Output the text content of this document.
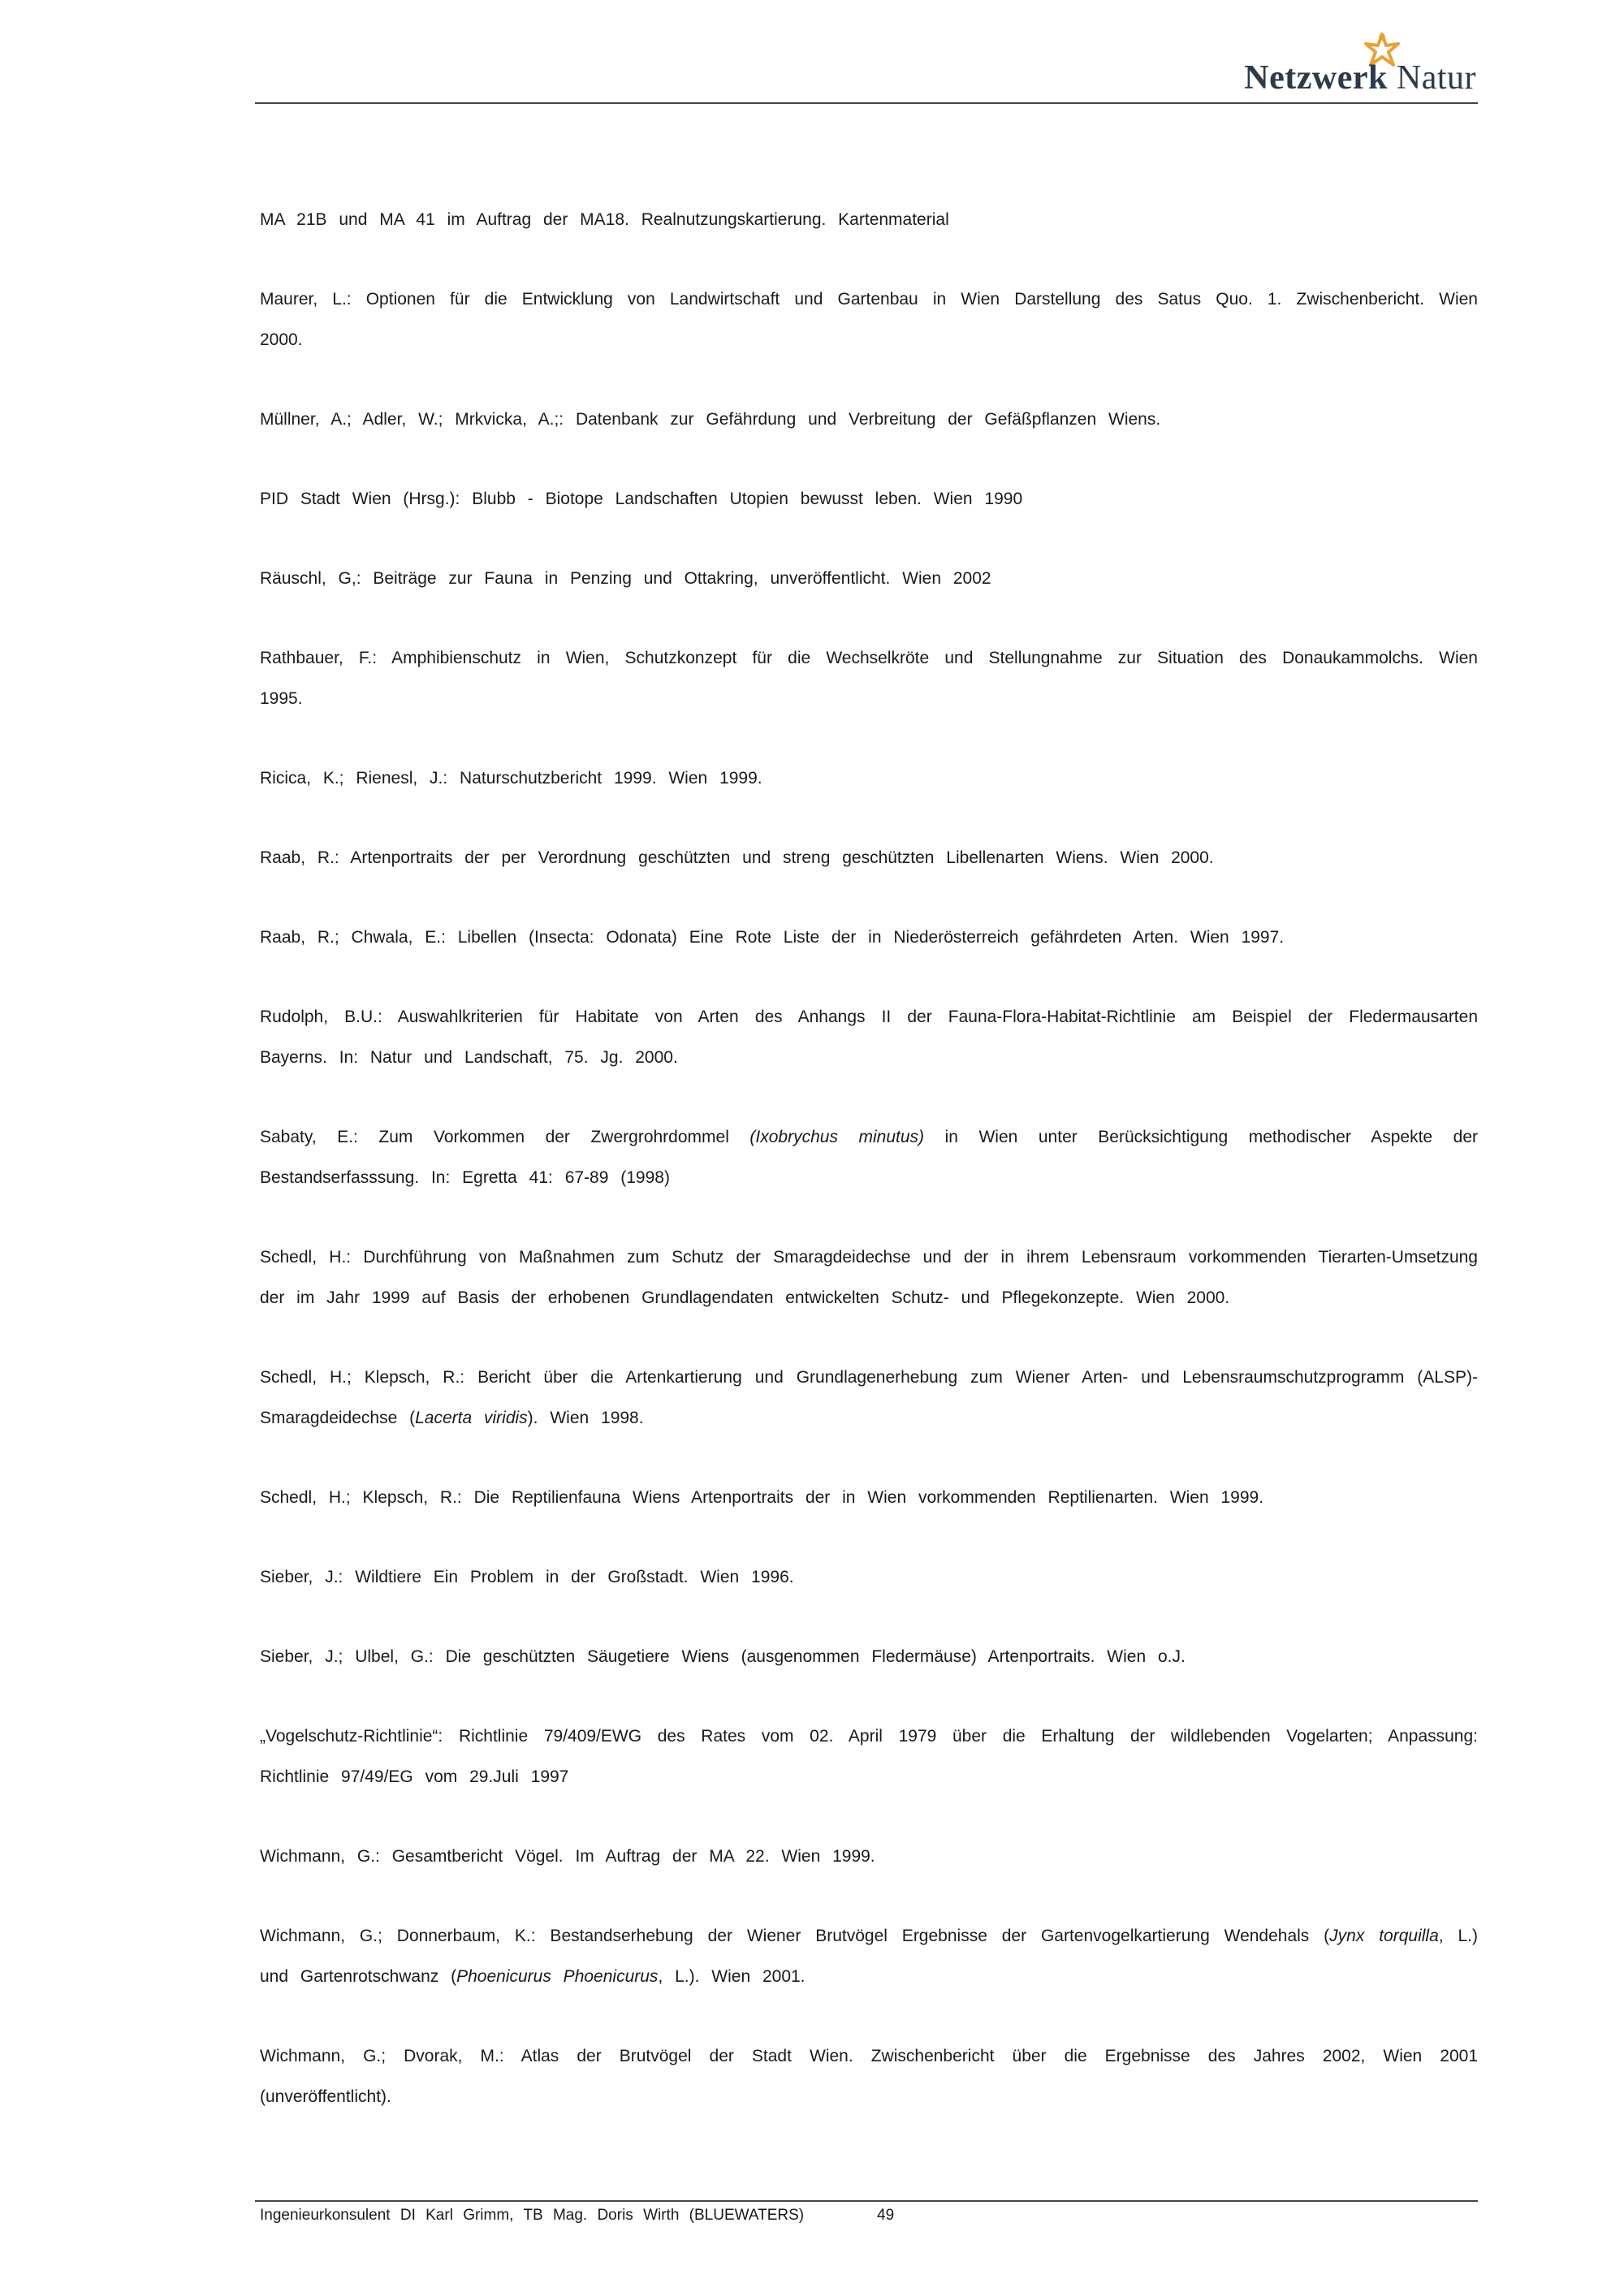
Netzwerk Natur

MA 21B und MA 41 im Auftrag der MA18. Realnutzungskartierung. Kartenmaterial

Maurer, L.: Optionen für die Entwicklung von Landwirtschaft und Gartenbau in Wien Darstellung des Satus Quo. 1. Zwischenbericht. Wien 2000.

Müllner, A.; Adler, W.; Mrkvicka, A.;: Datenbank zur Gefährdung und Verbreitung der Gefäßpflanzen Wiens.

PID Stadt Wien (Hrsg.): Blubb - Biotope Landschaften Utopien bewusst leben. Wien 1990

Räuschl, G,: Beiträge zur Fauna in Penzing und Ottakring, unveröffentlicht. Wien 2002

Rathbauer, F.: Amphibienschutz in Wien, Schutzkonzept für die Wechselkröte und Stellungnahme zur Situation des Donaukammolchs. Wien 1995.

Ricica, K.; Rienesl, J.: Naturschutzbericht 1999. Wien 1999.

Raab, R.: Artenportraits der per Verordnung geschützten und streng geschützten Libellenarten Wiens. Wien 2000.

Raab, R.; Chwala, E.: Libellen (Insecta: Odonata) Eine Rote Liste der in Niederösterreich gefährdeten Arten. Wien 1997.

Rudolph, B.U.: Auswahlkriterien für Habitate von Arten des Anhangs II der Fauna-Flora-Habitat-Richtlinie am Beispiel der Fledermausarten Bayerns. In: Natur und Landschaft, 75. Jg. 2000.

Sabaty, E.: Zum Vorkommen der Zwergrohrdommel (Ixobrychus minutus) in Wien unter Berücksichtigung methodischer Aspekte der Bestandserfasssung. In: Egretta 41: 67-89 (1998)

Schedl, H.: Durchführung von Maßnahmen zum Schutz der Smaragdeidechse und der in ihrem Lebensraum vorkommenden Tierarten-Umsetzung der im Jahr 1999 auf Basis der erhobenen Grundlagendaten entwickelten Schutz- und Pflegekonzepte. Wien 2000.

Schedl, H.; Klepsch, R.: Bericht über die Artenkartierung und Grundlagenerhebung zum Wiener Arten- und Lebensraumschutzprogramm (ALSP)- Smaragdeidechse (Lacerta viridis). Wien 1998.

Schedl, H.; Klepsch, R.: Die Reptilienfauna Wiens Artenportraits der in Wien vorkommenden Reptilienarten. Wien 1999.

Sieber, J.: Wildtiere Ein Problem in der Großstadt. Wien 1996.

Sieber, J.; Ulbel, G.: Die geschützten Säugetiere Wiens (ausgenommen Fledermäuse) Artenportraits. Wien o.J.

„Vogelschutz-Richtlinie“: Richtlinie 79/409/EWG des Rates vom 02. April 1979 über die Erhaltung der wildlebenden Vogelarten; Anpassung: Richtlinie 97/49/EG vom 29.Juli 1997

Wichmann, G.: Gesamtbericht Vögel. Im Auftrag der MA 22. Wien 1999.

Wichmann, G.; Donnerbaum, K.: Bestandserhebung der Wiener Brutvögel Ergebnisse der Gartenvogelkartierung Wendehals (Jynx torquilla, L.) und Gartenrotschwanz (Phoenicurus Phoenicurus, L.). Wien 2001.

Wichmann, G.; Dvorak, M.: Atlas der Brutvögel der Stadt Wien. Zwischenbericht über die Ergebnisse des Jahres 2002, Wien 2001 (unveröffentlicht).

Ingenieurkonsulent DI Karl Grimm, TB Mag. Doris Wirth (BLUEWATERS)	49
